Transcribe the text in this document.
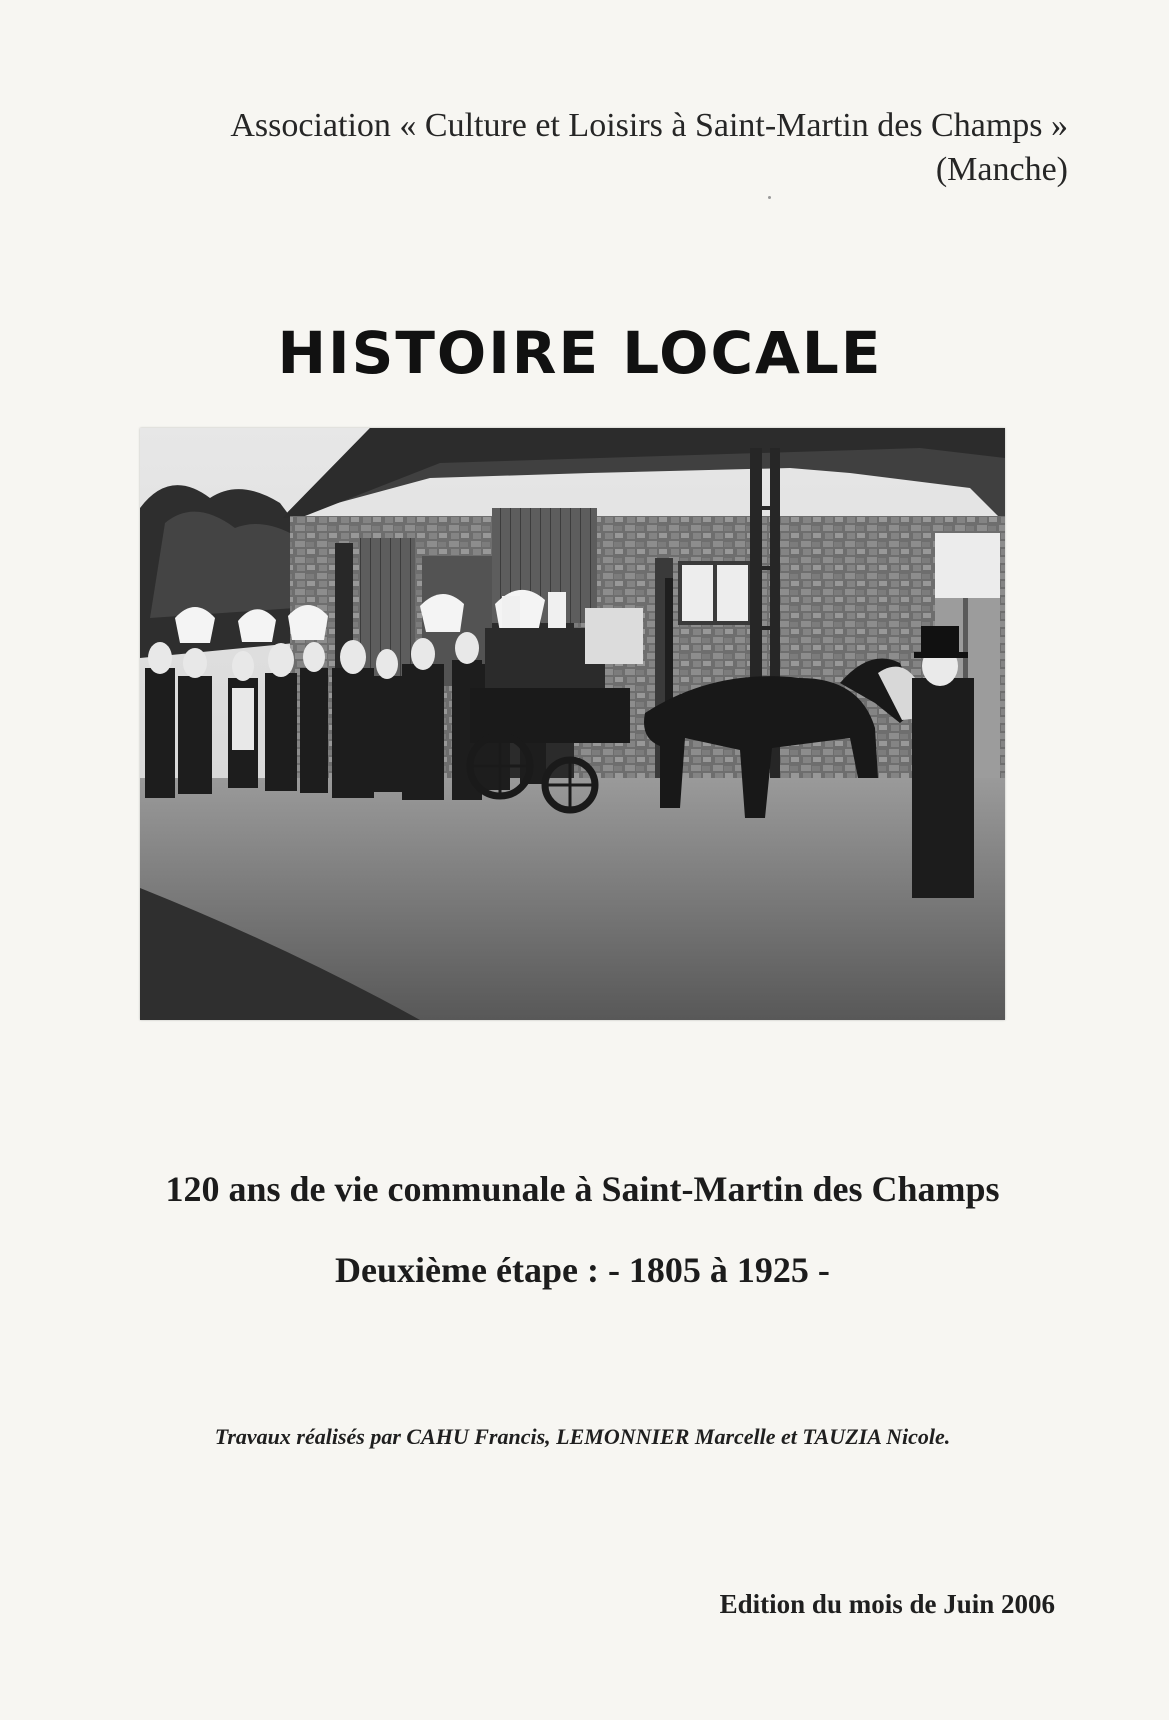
Association « Culture et Loisirs à Saint-Martin des Champs »
(Manche)
HISTOIRE LOCALE
120 ans de vie communale à Saint-Martin des Champs
Deuxième étape : - 1805 à 1925 -
Travaux réalisés par CAHU Francis, LEMONNIER Marcelle et TAUZIA Nicole.
Edition du mois de Juin 2006
